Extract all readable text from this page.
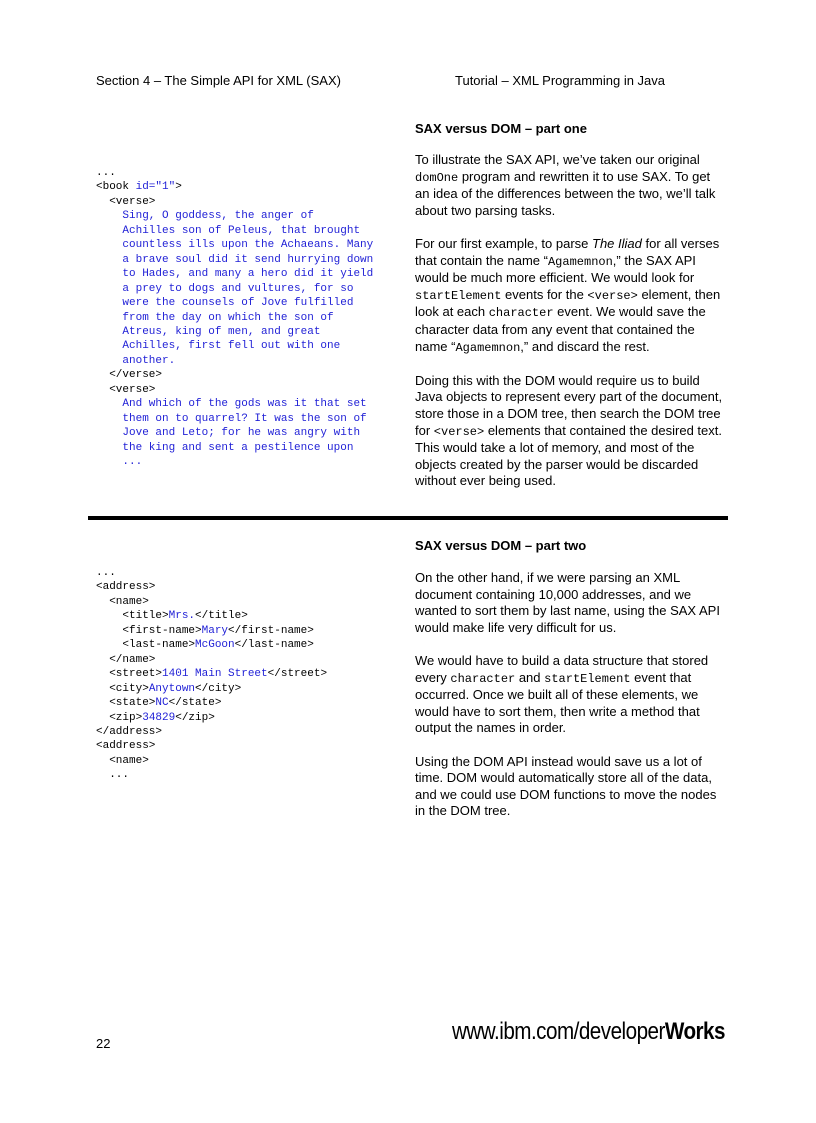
Section 4 – The Simple API for XML (SAX)	Tutorial – XML Programming in Java
...
<book id="1">
<verse>
Sing, O goddess, the anger of
Achilles son of Peleus, that brought
countless ills upon the Achaeans. Many
a brave soul did it send hurrying down
to Hades, and many a hero did it yield
a prey to dogs and vultures, for so
were the counsels of Jove fulfilled
from the day on which the son of
Atreus, king of men, and great
Achilles, first fell out with one
another.
</verse>
<verse>
And which of the gods was it that set
them on to quarrel? It was the son of
Jove and Leto; for he was angry with
the king and sent a pestilence upon
...
SAX versus DOM – part one

To illustrate the SAX API, we’ve taken our original domOne program and rewritten it to use SAX. To get an idea of the differences between the two, we’ll talk about two parsing tasks.

For our first example, to parse The Iliad for all verses that contain the name “Agamemnon,” the SAX API would be much more efficient. We would look for startElement events for the <verse> element, then look at each character event. We would save the character data from any event that contained the name “Agamemnon,” and discard the rest.

Doing this with the DOM would require us to build Java objects to represent every part of the document, store those in a DOM tree, then search the DOM tree for <verse> elements that contained the desired text. This would take a lot of memory, and most of the objects created by the parser would be discarded without ever being used.

...
<address>
<name>
<title>Mrs.</title>
<first-name>Mary</first-name>
<last-name>McGoon</last-name>
</name>
<street>1401 Main Street</street>
<city>Anytown</city>
<state>NC</state>
<zip>34829</zip>
</address>
<address>
<name>
...
SAX versus DOM – part two

On the other hand, if we were parsing an XML document containing 10,000 addresses, and we wanted to sort them by last name, using the SAX API would make life very difficult for us.

We would have to build a data structure that stored every character and startElement event that occurred. Once we built all of these elements, we would have to sort them, then write a method that output the names in order.

Using the DOM API instead would save us a lot of time. DOM would automatically store all of the data, and we could use DOM functions to move the nodes in the DOM tree.

22	www.ibm.com/developerWorks
